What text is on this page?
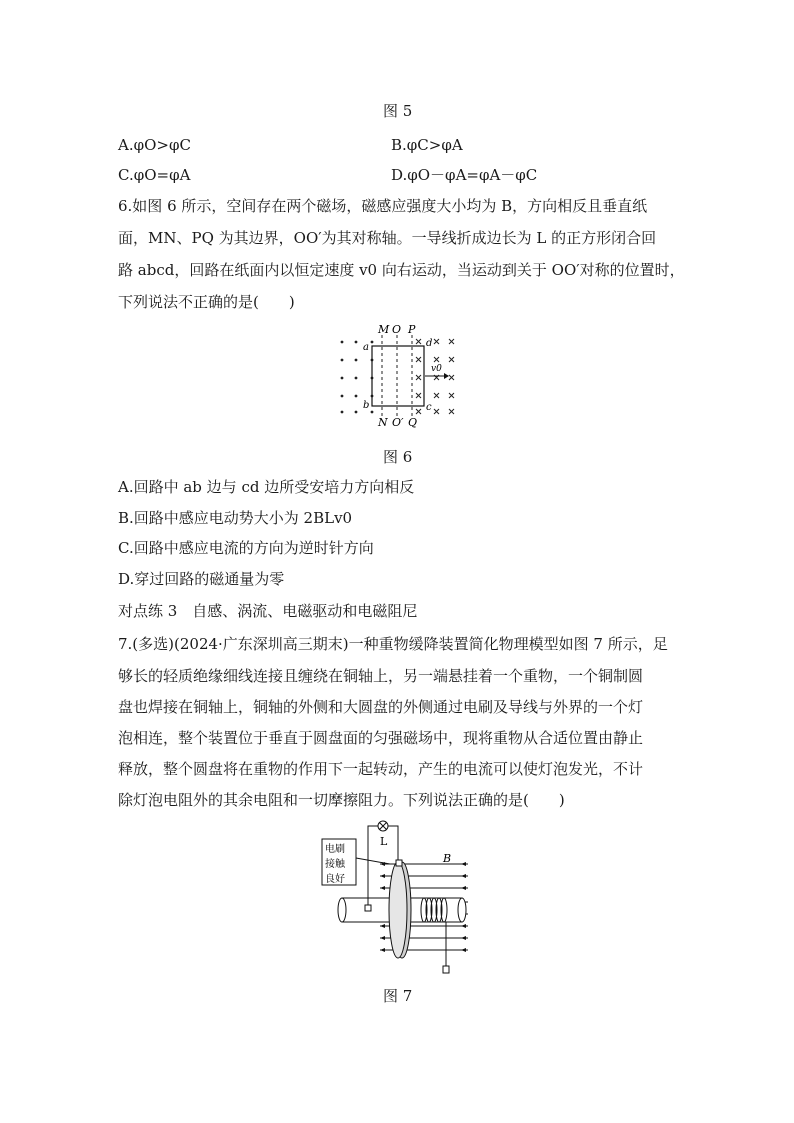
图 5
A.φO>φC	B.φC>φA
C.φO=φA	D.φO－φA=φA－φC
6.如图 6 所示，空间存在两个磁场，磁感应强度大小均为 B，方向相反且垂直纸
面，MN、PQ 为其边界，OO′为其对称轴。一导线折成边长为 L 的正方形闭合回
路 abcd，回路在纸面内以恒定速度 v0 向右运动，当运动到关于 OO′对称的位置时，
下列说法不正确的是(　　)
M O P
N O′ Q
a
b	c
d
v0
图 6
A.回路中 ab 边与 cd 边所受安培力方向相反
B.回路中感应电动势大小为 2BLv0
C.回路中感应电流的方向为逆时针方向
D.穿过回路的磁通量为零
对点练 3　自感、涡流、电磁驱动和电磁阻尼
7.(多选)(2024·广东深圳高三期末)一种重物缓降装置简化物理模型如图 7 所示，足
够长的轻质绝缘细线连接且缠绕在铜轴上，另一端悬挂着一个重物，一个铜制圆
盘也焊接在铜轴上，铜轴的外侧和大圆盘的外侧通过电刷及导线与外界的一个灯
泡相连，整个装置位于垂直于圆盘面的匀强磁场中，现将重物从合适位置由静止
释放，整个圆盘将在重物的作用下一起转动，产生的电流可以使灯泡发光，不计
除灯泡电阻外的其余电阻和一切摩擦阻力。下列说法正确的是(　　)
L
电刷
接触
良好
B
图 7
